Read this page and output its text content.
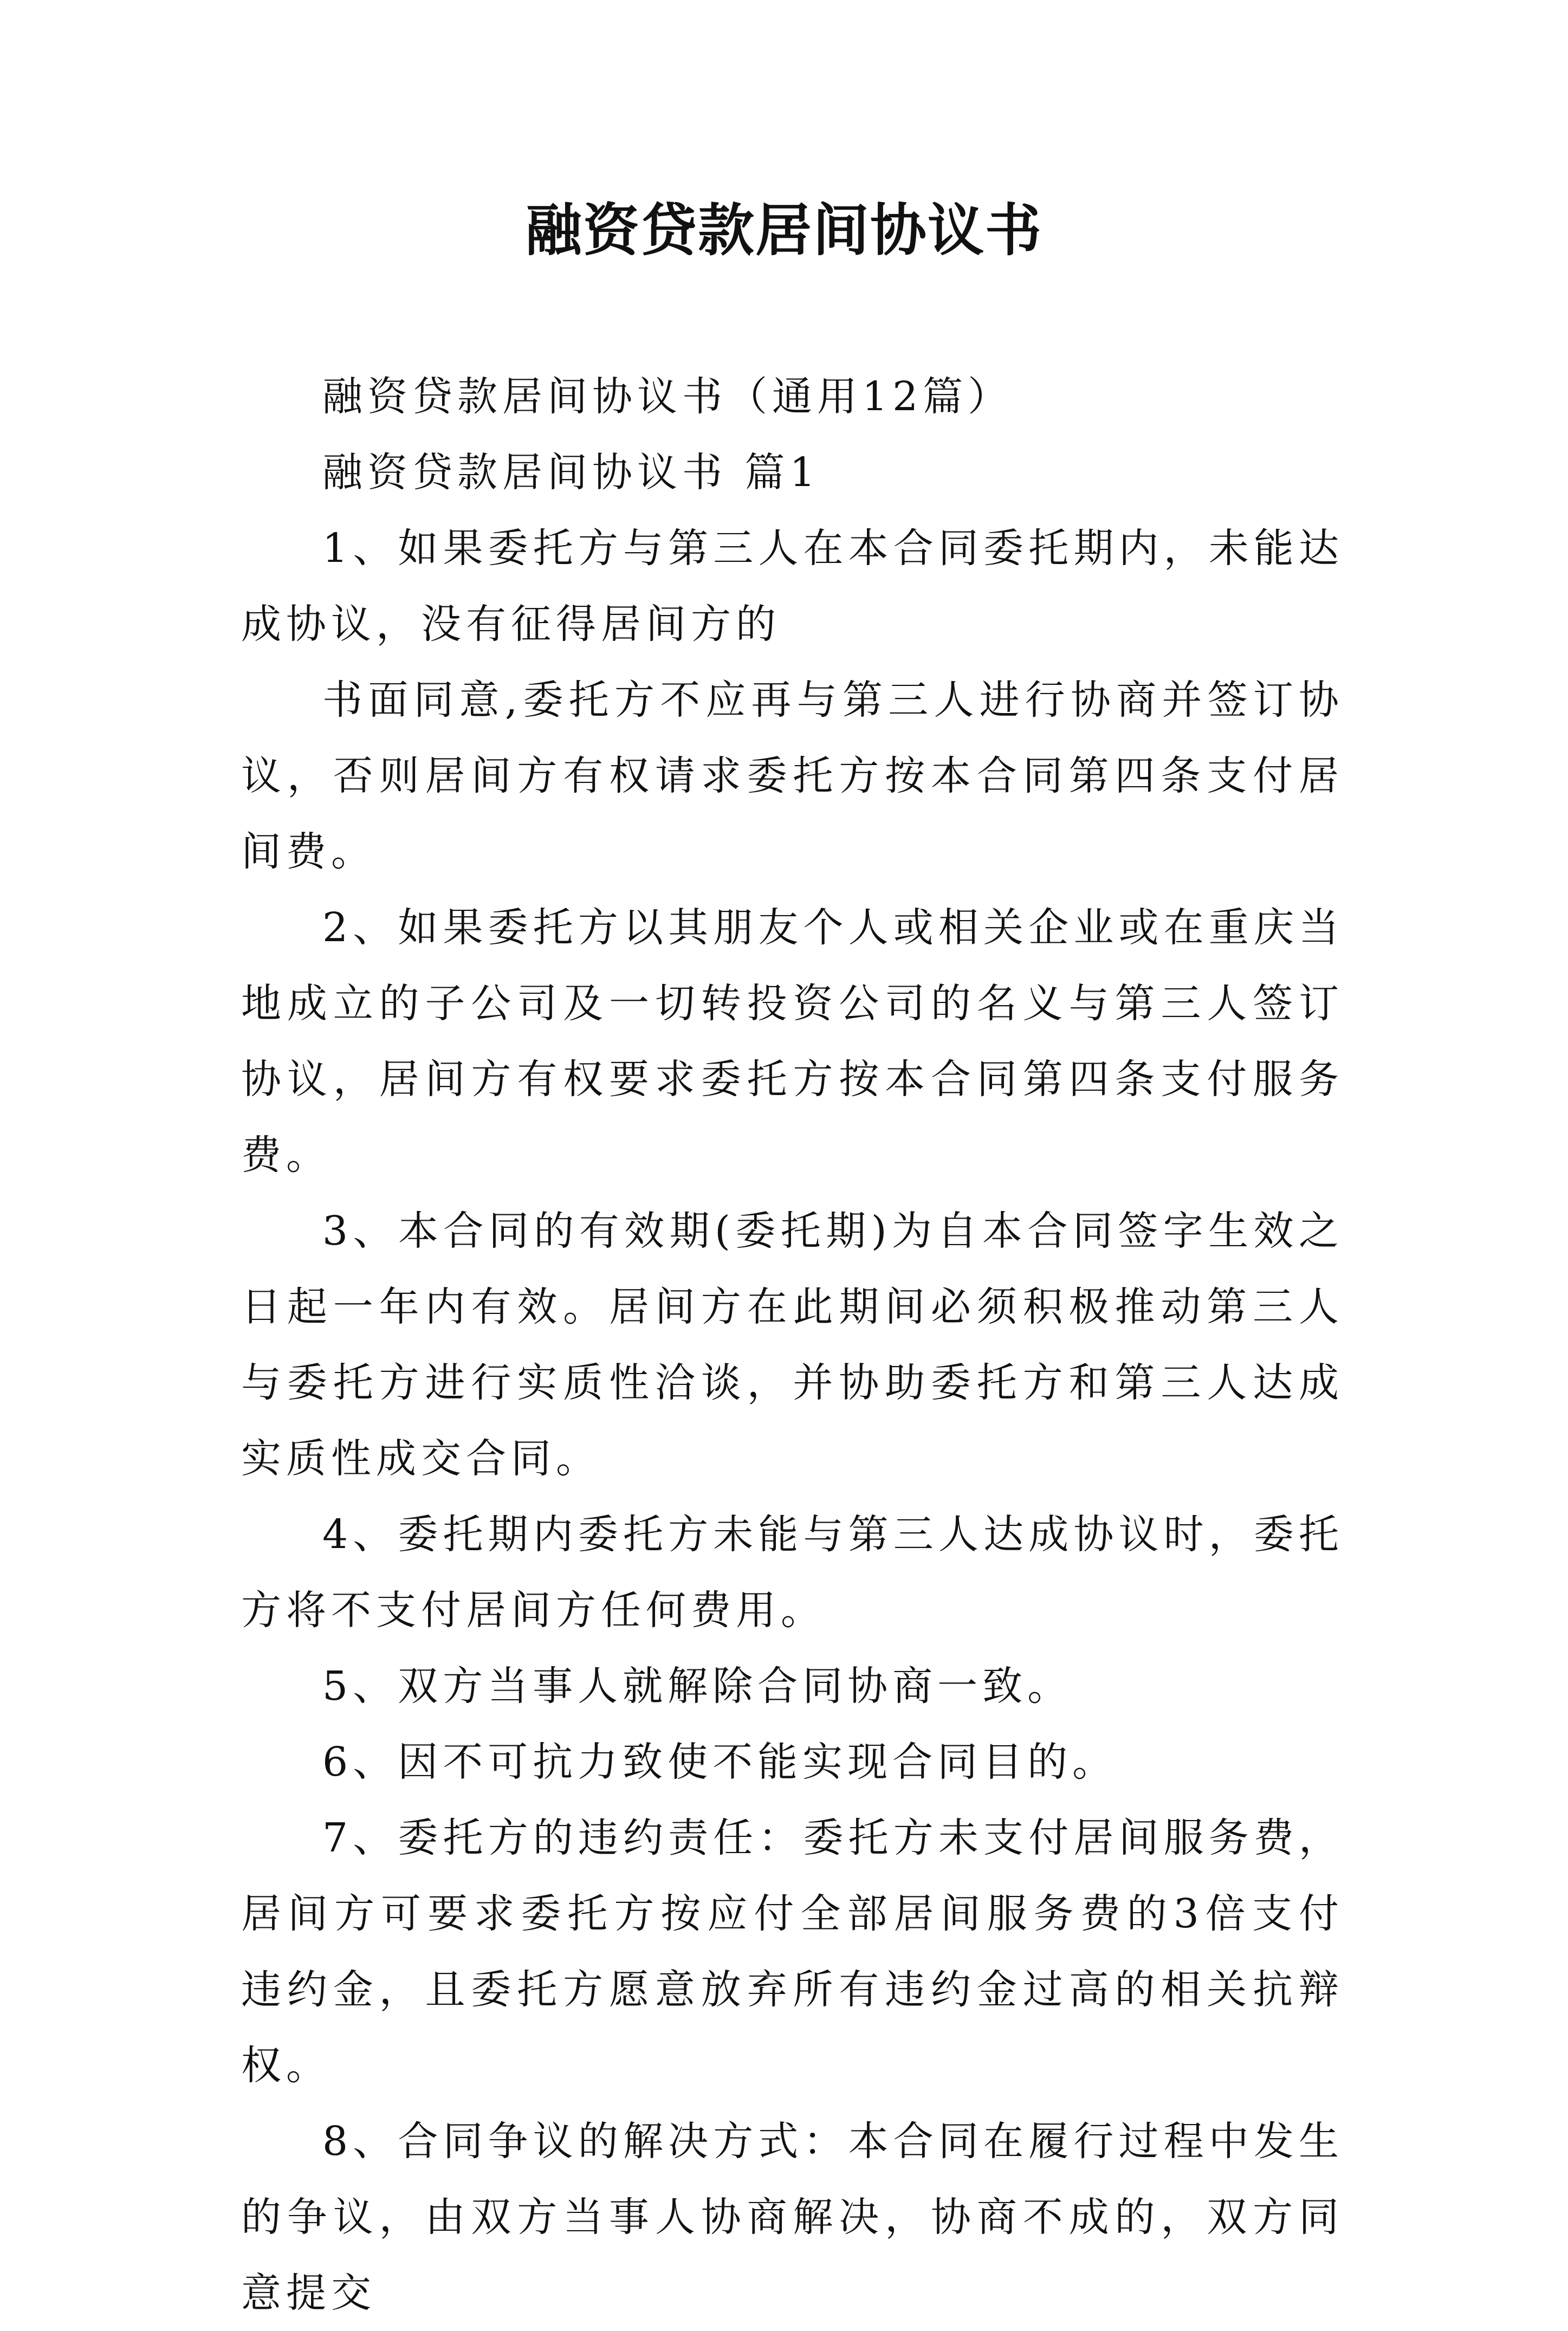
融资贷款居间协议书

融资贷款居间协议书（通用12篇）

融资贷款居间协议书 篇1

1、如果委托方与第三人在本合同委托期内，未能达成协议，没有征得居间方的

书面同意,委托方不应再与第三人进行协商并签订协议，否则居间方有权请求委托方按本合同第四条支付居间费。

2、如果委托方以其朋友个人或相关企业或在重庆当地成立的子公司及一切转投资公司的名义与第三人签订协议，居间方有权要求委托方按本合同第四条支付服务费。

3、本合同的有效期(委托期)为自本合同签字生效之日起一年内有效。居间方在此期间必须积极推动第三人与委托方进行实质性洽谈，并协助委托方和第三人达成实质性成交合同。

4、委托期内委托方未能与第三人达成协议时，委托方将不支付居间方任何费用。

5、双方当事人就解除合同协商一致。

6、因不可抗力致使不能实现合同目的。

7、委托方的违约责任：委托方未支付居间服务费，居间方可要求委托方按应付全部居间服务费的3倍支付违约金，且委托方愿意放弃所有违约金过高的相关抗辩权。

8、合同争议的解决方式：本合同在履行过程中发生的争议，由双方当事人协商解决，协商不成的，双方同意提交
